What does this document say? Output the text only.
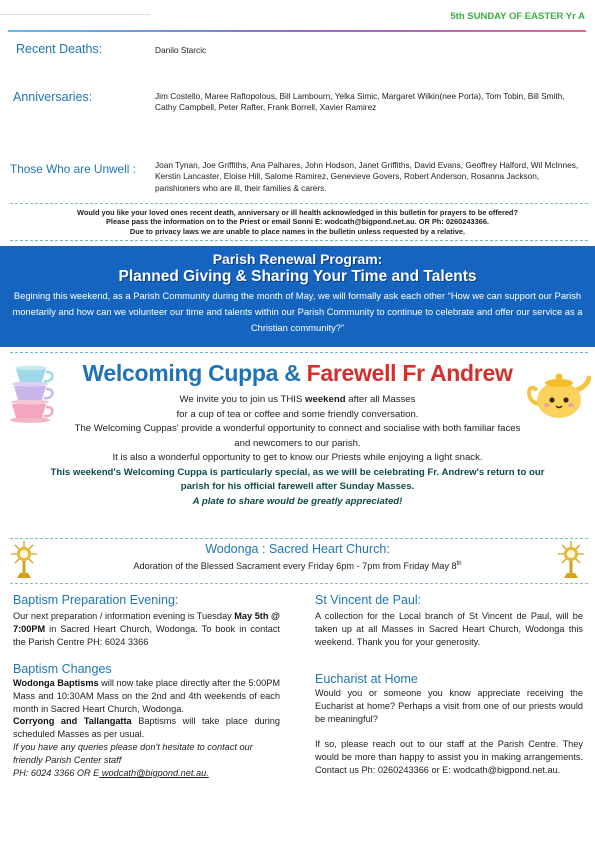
5th SUNDAY OF EASTER Yr A
Recent Deaths:	Danilo Starcic
Anniversaries:	Jim Costello, Maree Raftopolous, Bill Lambourn, Yelka Simic, Margaret Wilkin(nee Porta), Tom Tobin, Bill Smith, Cathy Campbell, Peter Rafter, Frank Borrell, Xavier Ramirez
Those Who are Unwell : Joan Tynan, Joe Griffiths, Ana Palhares, John Hodson, Janet Griffiths, David Evans, Geoffrey Halford, Wil McInnes, Kerstin Lancaster, Eloise Hill, Salome Ramirez, Genevieve Govers, Robert Anderson, Rosanna Jackson, parishioners who are ill, their families & carers.
Would you like your loved ones recent death, anniversary or ill health acknowledged in this bulletin for prayers to be offered?
Please pass the information on to the Priest or email Sonni E: wodcath@bigpond.net.au. OR Ph: 0260243366.
Due to privacy laws we are unable to place names in the bulletin unless requested by a relative.
Parish Renewal Program:
Planned Giving & Sharing Your Time and Talents
Begining this weekend, as a Parish Community during the month of May, we will formally ask each other “How we can support our Parish monetarily and how can we volunteer our time and talents within our Parish Community to continue to celebrate and offer our service as a Christian community?”
Welcoming Cuppa & Farewell Fr Andrew
We invite you to join us THIS weekend after all Masses
for a cup of tea or coffee and some friendly conversation.
The Welcoming Cuppas’ provide a wonderful opportunity to connect and socialise with both familiar faces and newcomers to our parish.
It is also a wonderful opportunity to get to know our Priests while enjoying a light snack.
This weekend's Welcoming Cuppa is particularly special, as we will be celebrating Fr. Andrew's return to our parish for his official farewell after Sunday Masses.
A plate to share would be greatly appreciated!
Wodonga : Sacred Heart Church:
Adoration of the Blessed Sacrament every Friday 6pm - 7pm from Friday May 8th
Baptism Preparation Evening:
Our next preparation / information evening is Tuesday May 5th @ 7:00PM in Sacred Heart Church, Wodonga. To book in contact the Parish Centre PH: 6024 3366
Baptism Changes
Wodonga Baptisms will now take place directly after the 5:00PM Mass and 10:30AM Mass on the 2nd and 4th weekends of each month in Sacred Heart Church, Wodonga.
Corryong and Tallangatta Baptisms will take place during scheduled Masses as per usual.
If you have any queries please don't hesitate to contact our friendly Parish Center staff
PH: 6024 3366 OR E wodcath@bigpond.net.au.
St Vincent de Paul:
A collection for the Local branch of St Vincent de Paul, will be taken up at all Masses in Sacred Heart Church, Wodonga this weekend. Thank you for your generosity.
Eucharist at Home
Would you or someone you know appreciate receiving the Eucharist at home? Perhaps a visit from one of our priests would be meaningful?
If so, please reach out to our staff at the Parish Centre. They would be more than happy to assist you in making arrangements. Contact us Ph: 0260243366 or E: wodcath@bigpond.net.au.
